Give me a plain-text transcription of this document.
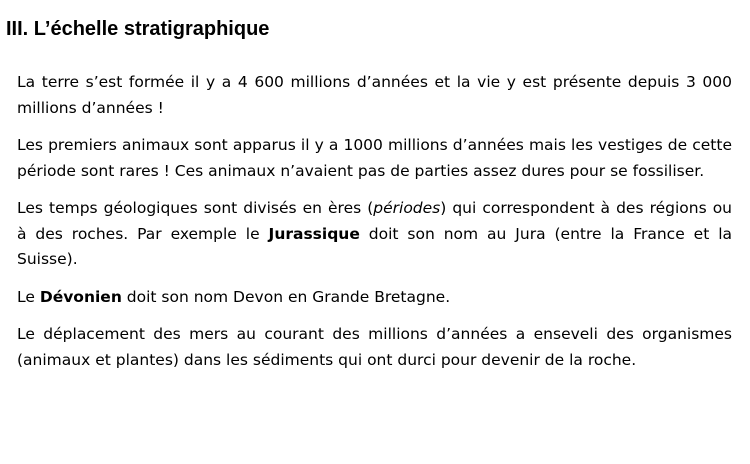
III. L’échelle stratigraphique

La terre s’est formée il y a 4 600 millions d’années et la vie y est présente depuis 3 000 millions d’années !

Les premiers animaux sont apparus il y a 1000 millions d’années mais les vestiges de cette période sont rares ! Ces animaux n’avaient pas de parties assez dures pour se fossiliser.

Les temps géologiques sont divisés en ères (périodes) qui correspondent à des régions ou à des roches. Par exemple le Jurassique doit son nom au Jura (entre la France et la Suisse).

Le Dévonien doit son nom Devon en Grande Bretagne.

Le déplacement des mers au courant des millions d’années a enseveli des organismes (animaux et plantes) dans les sédiments qui ont durci pour devenir de la roche.
